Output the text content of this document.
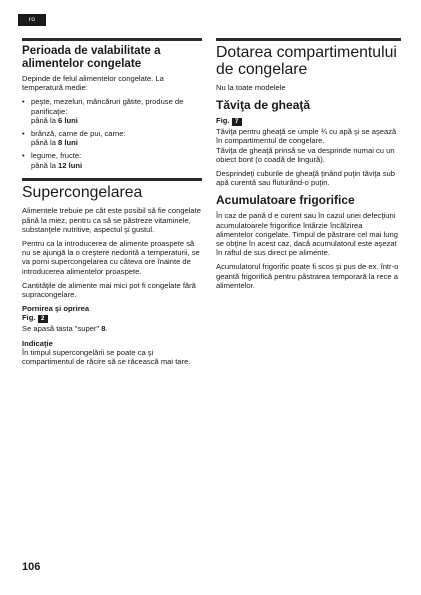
ro
Perioada de valabilitate a alimentelor congelate

Depinde de felul alimentelor congelate. La temperatură medie:

• peşte, mezeluri, mâncăruri gătite, produse de panificaţie:
până la 6 luni
• brânză, carne de pui, carne:
până la 8 luni
• legume, fructe:
până la 12 luni
Supercongelarea

Alimentele trebuie pe cât este posibil să fie congelate până la miez, pentru ca să se păstreze vitaminele, substanţele nutritive, aspectul şi gustul.

Pentru ca la introducerea de alimente proaspete să nu se ajungă la o creştere nedorită a temperaturii, se va porni supercongelarea cu câteva ore înainte de introducerea alimentelor proaspete.

Cantităţile de alimente mai mici pot fi congelate fără supracongelare.

Pornirea şi oprirea
Fig. 2

Se apasă tasta "super" 8.

Indicaţie

În timpul supercongelării se poate ca şi compartimentul de răcire să se răcească mai tare.

Dotarea compartimentului de congelare

Nu la toate modelele

Tăviţa de gheaţă
Fig. 7

Tăviţa pentru gheaţă se umple ¾ cu apă şi se aşează în compartimentul de congelare.

Tăviţa de gheaţă prinsă se va desprinde numai cu un obiect bont (o coadă de lingură).

Desprindeţi cuburile de gheaţă ţinând puţin tăviţa sub apă curentă sau fluturând-o puţin.

Acumulatoare frigorifice

În caz de pană d e curent sau în cazul unei defecţiuni acumulatoarele frigorifice întârzie încălzirea alimentelor congelate. Timpul de păstrare cel mai lung se obţine în acest caz, dacă acumulatorul este aşezat în raftul de sus direct pe alimente.

Acumulatorul frigorific poate fi scos şi pus de ex. într-o geantă frigorifică pentru păstrarea temporară la rece a alimentelor.

106
